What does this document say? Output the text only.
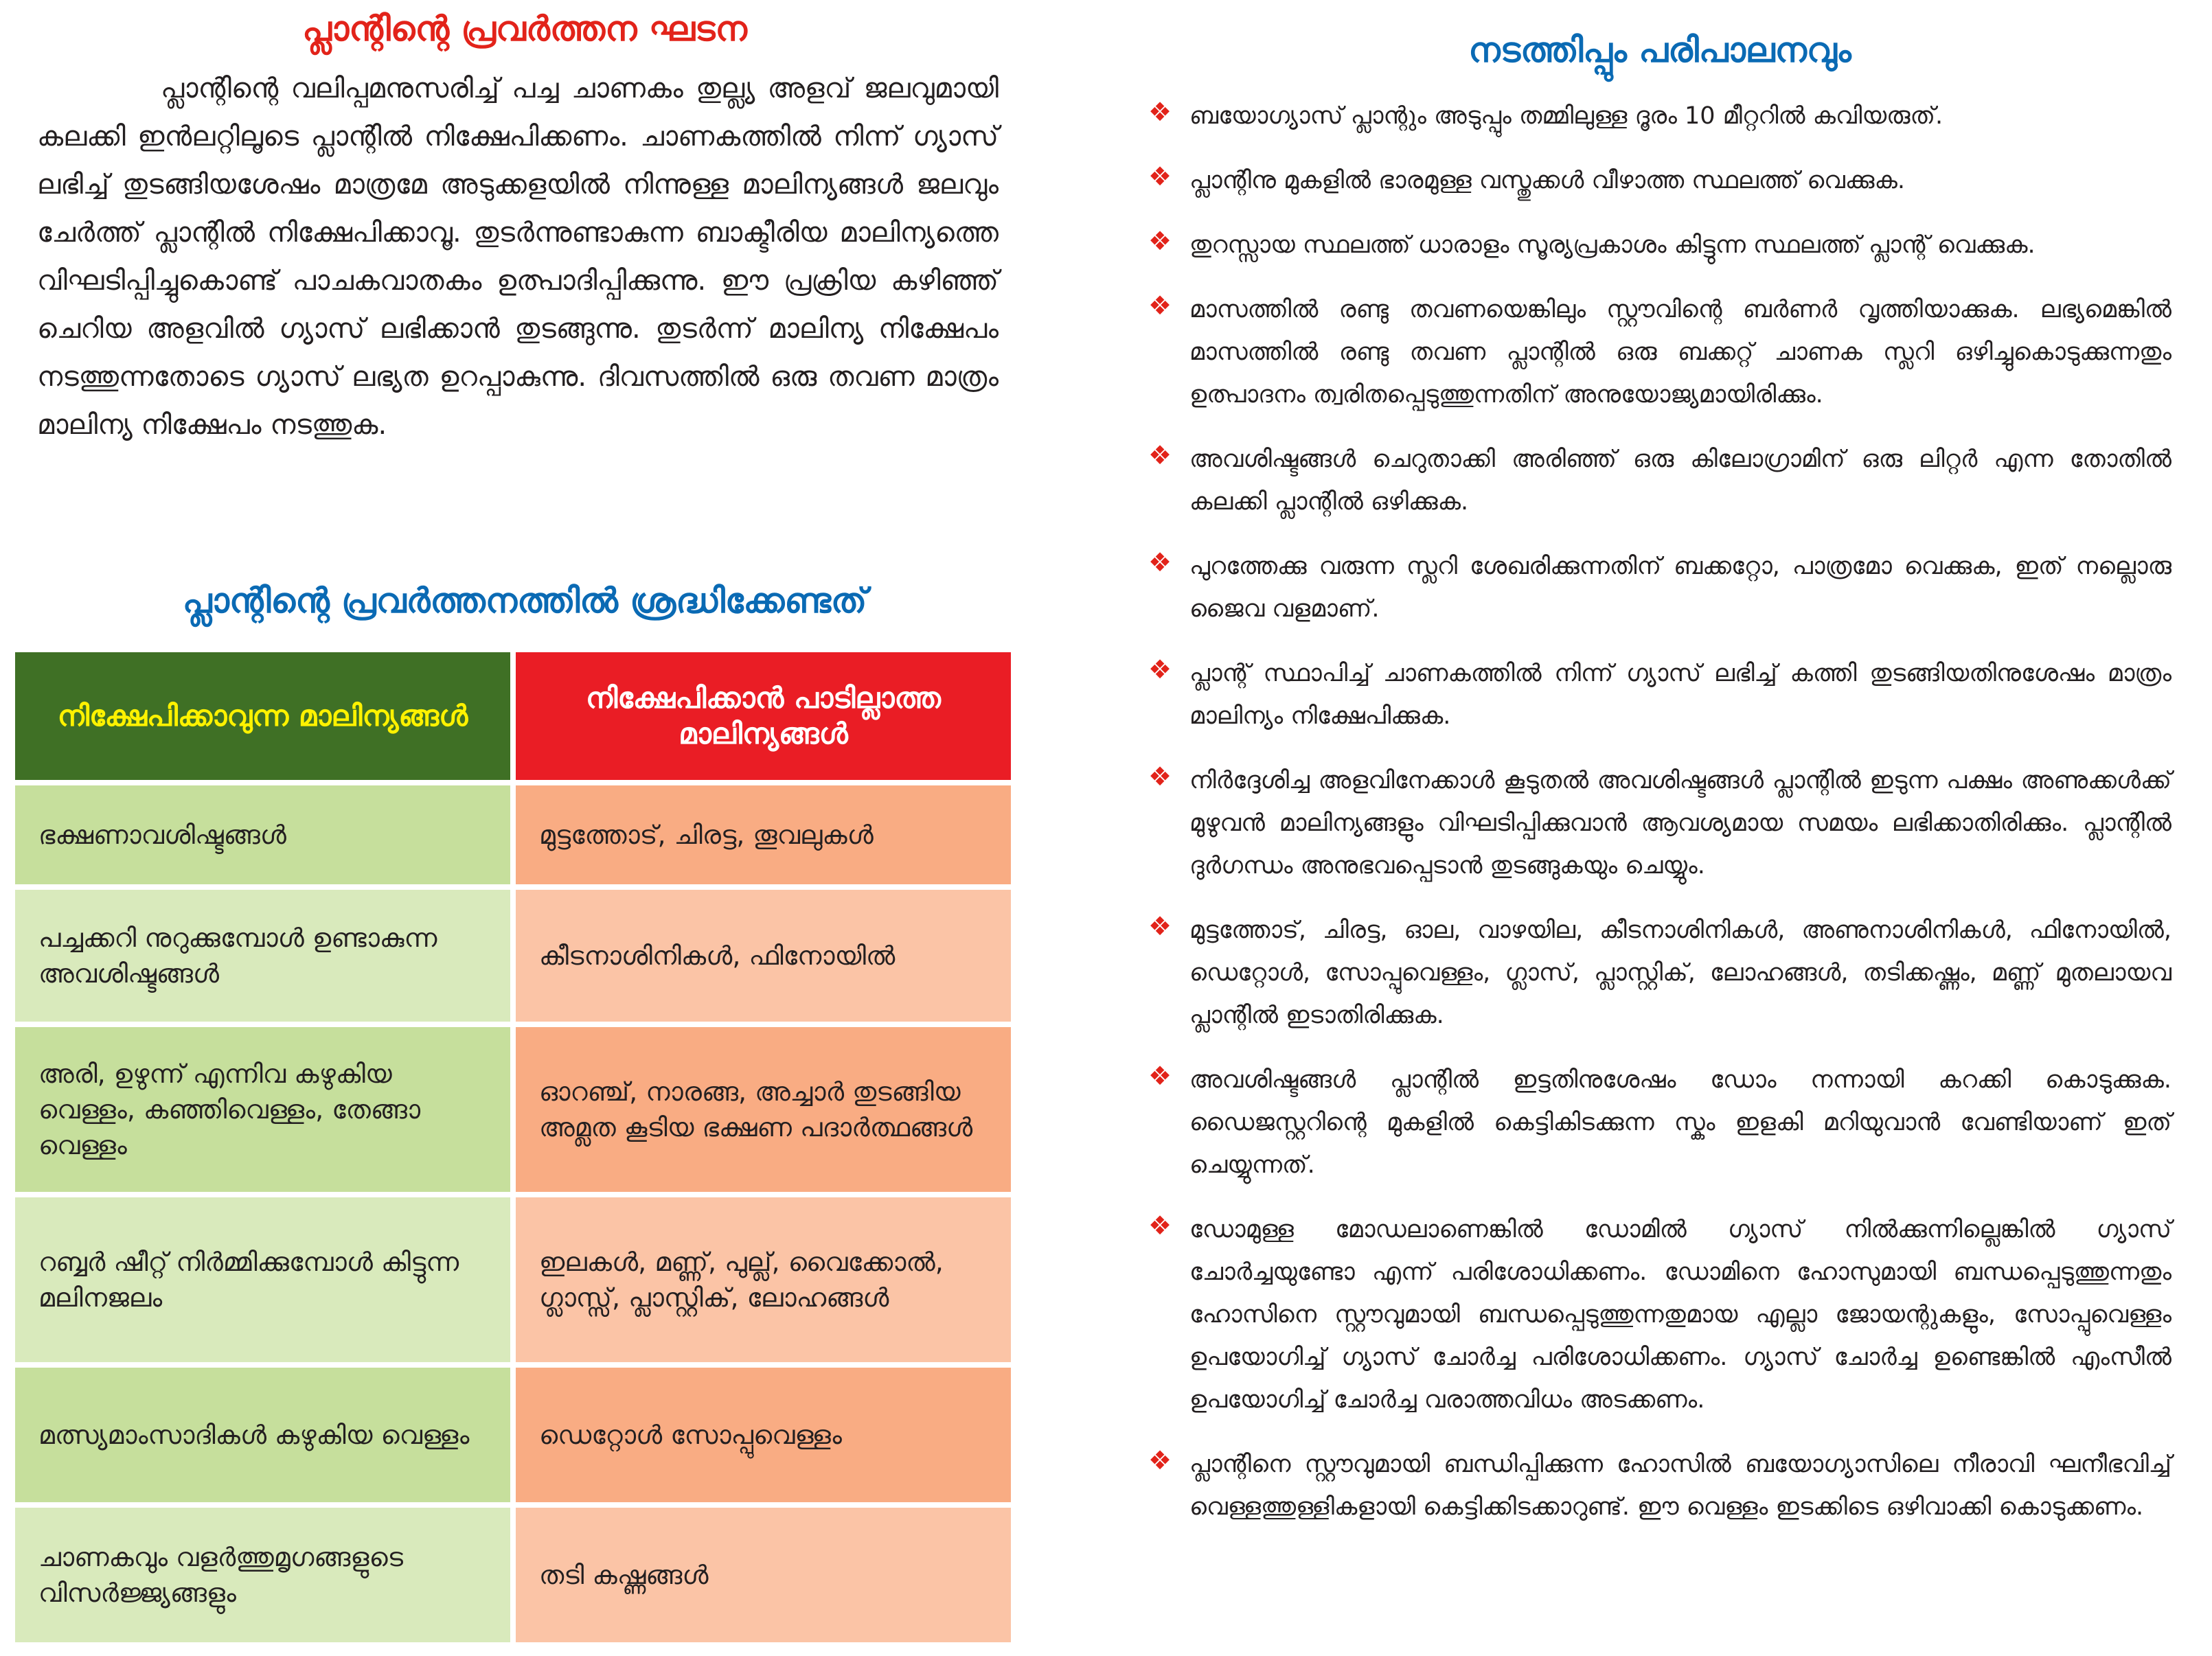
പ്ലാന്റിന്റെ പ്രവർത്തന ഘടന

പ്ലാന്റിന്റെ വലിപ്പമനുസരിച്ച് പച്ച ചാണകം തുല്ല്യ അളവ് ജലവുമായി കലക്കി ഇൻലറ്റിലൂടെ പ്ലാന്റിൽ നിക്ഷേപിക്കണം. ചാണകത്തിൽ നിന്ന് ഗ്യാസ് ലഭിച്ച് തുടങ്ങിയശേഷം മാത്രമേ അടുക്കളയിൽ നിന്നുള്ള മാലിന്യങ്ങൾ ജലവും ചേർത്ത് പ്ലാന്റിൽ നിക്ഷേപിക്കാവൂ. തുടർന്നുണ്ടാകുന്ന ബാക്ടീരിയ മാലിന്യത്തെ വിഘടിപ്പിച്ചുകൊണ്ട് പാചകവാതകം ഉത്പാദിപ്പിക്കുന്നു. ഈ പ്രക്രിയ കഴിഞ്ഞ് ചെറിയ അളവിൽ ഗ്യാസ് ലഭിക്കാൻ തുടങ്ങുന്നു. തുടർന്ന് മാലിന്യ നിക്ഷേപം നടത്തുന്നതോടെ ഗ്യാസ് ലഭ്യത ഉറപ്പാകുന്നു. ദിവസത്തിൽ ഒരു തവണ മാത്രം മാലിന്യ നിക്ഷേപം നടത്തുക.

പ്ലാന്റിന്റെ പ്രവർത്തനത്തിൽ ശ്രദ്ധിക്കേണ്ടത്
നിക്ഷേപിക്കാവുന്ന മാലിന്യങ്ങൾ
നിക്ഷേപിക്കാൻ പാടില്ലാത്ത മാലിന്യങ്ങൾ
ഭക്ഷണാവശിഷ്ടങ്ങൾ	മുട്ടത്തോട്, ചിരട്ട, തൂവലുകൾ
പച്ചക്കറി നുറുക്കുമ്പോൾ ഉണ്ടാകുന്ന അവശിഷ്ടങ്ങൾ
കീടനാശിനികൾ, ഫിനോയിൽ
അരി, ഉഴുന്ന് എന്നിവ കഴുകിയ വെള്ളം, കഞ്ഞിവെള്ളം, തേങ്ങാ വെള്ളം
ഓറഞ്ച്, നാരങ്ങ, അച്ചാർ തുടങ്ങിയ അമ്ലത കൂടിയ ഭക്ഷണ പദാർത്ഥങ്ങൾ
റബ്ബർ ഷീറ്റ് നിർമ്മിക്കുമ്പോൾ കിട്ടുന്ന മലിനജലം
ഇലകൾ, മണ്ണ്, പുല്ല്, വൈക്കോൽ, ഗ്ലാസ്സ്, പ്ലാസ്റ്റിക്, ലോഹങ്ങൾ
മത്സ്യമാംസാദികൾ കഴുകിയ വെള്ളം	ഡെറ്റോൾ സോപ്പുവെള്ളം
ചാണകവും വളർത്തുമൃഗങ്ങളുടെ വിസർജ്ജ്യങ്ങളും
തടി കഷ്ണങ്ങൾ
നടത്തിപ്പും പരിപാലനവും
❖ ബയോഗ്യാസ് പ്ലാന്റും അടുപ്പും തമ്മിലുള്ള ദൂരം 10 മീറ്ററിൽ കവിയരുത്.
❖ പ്ലാന്റിനു മുകളിൽ ഭാരമുള്ള വസ്തുക്കൾ വീഴാത്ത സ്ഥലത്ത് വെക്കുക.
❖ തുറസ്സായ സ്ഥലത്ത് ധാരാളം സൂര്യപ്രകാശം കിട്ടുന്ന സ്ഥലത്ത് പ്ലാന്റ് വെക്കുക.
❖ മാസത്തിൽ രണ്ടു തവണയെങ്കിലും സ്റ്റൗവിന്റെ ബർണർ വൃത്തിയാക്കുക. ലഭ്യമെങ്കിൽ മാസത്തിൽ രണ്ടു തവണ പ്ലാന്റിൽ ഒരു ബക്കറ്റ് ചാണക സ്ലറി ഒഴിച്ചുകൊടുക്കുന്നതും ഉത്പാദനം ത്വരിതപ്പെടുത്തുന്നതിന് അനുയോജ്യമായിരിക്കും.
❖ അവശിഷ്ടങ്ങൾ ചെറുതാക്കി അരിഞ്ഞ് ഒരു കിലോഗ്രാമിന് ഒരു ലിറ്റർ എന്ന തോതിൽ കലക്കി പ്ലാന്റിൽ ഒഴിക്കുക.
❖ പുറത്തേക്കു വരുന്ന സ്ലറി ശേഖരിക്കുന്നതിന് ബക്കറ്റോ, പാത്രമോ വെക്കുക, ഇത് നല്ലൊരു ജൈവ വളമാണ്.
❖ പ്ലാന്റ് സ്ഥാപിച്ച് ചാണകത്തിൽ നിന്ന് ഗ്യാസ് ലഭിച്ച് കത്തി തുടങ്ങിയതിനുശേഷം മാത്രം മാലിന്യം നിക്ഷേപിക്കുക.
❖ നിർദ്ദേശിച്ച അളവിനേക്കാൾ കൂടുതൽ അവശിഷ്ടങ്ങൾ പ്ലാന്റിൽ ഇടുന്ന പക്ഷം അണുക്കൾക്ക് മുഴുവൻ മാലിന്യങ്ങളും വിഘടിപ്പിക്കുവാൻ ആവശ്യമായ സമയം ലഭിക്കാതിരിക്കും. പ്ലാന്റിൽ ദുർഗന്ധം അനുഭവപ്പെടാൻ തുടങ്ങുകയും ചെയ്യും.
❖ മുട്ടത്തോട്, ചിരട്ട, ഓല, വാഴയില, കീടനാശിനികൾ, അണുനാശിനികൾ, ഫിനോയിൽ, ഡെറ്റോൾ, സോപ്പുവെള്ളം, ഗ്ലാസ്, പ്ലാസ്റ്റിക്, ലോഹങ്ങൾ, തടിക്കഷ്ണം, മണ്ണ് മുതലായവ പ്ലാന്റിൽ ഇടാതിരിക്കുക.
❖ അവശിഷ്ടങ്ങൾ പ്ലാന്റിൽ ഇട്ടതിനുശേഷം ഡോം നന്നായി കറക്കി കൊടുക്കുക. ഡൈജസ്റ്ററിന്റെ മുകളിൽ കെട്ടികിടക്കുന്ന സ്കം ഇളകി മറിയുവാൻ വേണ്ടിയാണ് ഇത് ചെയ്യുന്നത്.
❖ ഡോമുള്ള മോഡലാണെങ്കിൽ ഡോമിൽ ഗ്യാസ് നിൽക്കുന്നില്ലെങ്കിൽ ഗ്യാസ് ചോർച്ചയുണ്ടോ എന്ന് പരിശോധിക്കണം. ഡോമിനെ ഹോസുമായി ബന്ധപ്പെടുത്തുന്നതും ഹോസിനെ സ്റ്റൗവുമായി ബന്ധപ്പെടുത്തുന്നതുമായ എല്ലാ ജോയന്റുകളും, സോപ്പുവെള്ളം ഉപയോഗിച്ച് ഗ്യാസ് ചോർച്ച പരിശോധിക്കണം. ഗ്യാസ് ചോർച്ച ഉണ്ടെങ്കിൽ എംസീൽ ഉപയോഗിച്ച് ചോർച്ച വരാത്തവിധം അടക്കണം.
❖ പ്ലാന്റിനെ സ്റ്റൗവുമായി ബന്ധിപ്പിക്കുന്ന ഹോസിൽ ബയോഗ്യാസിലെ നീരാവി ഘനീഭവിച്ച് വെള്ളത്തുള്ളികളായി കെട്ടിക്കിടക്കാറുണ്ട്. ഈ വെള്ളം ഇടക്കിടെ ഒഴിവാക്കി കൊടുക്കണം.
